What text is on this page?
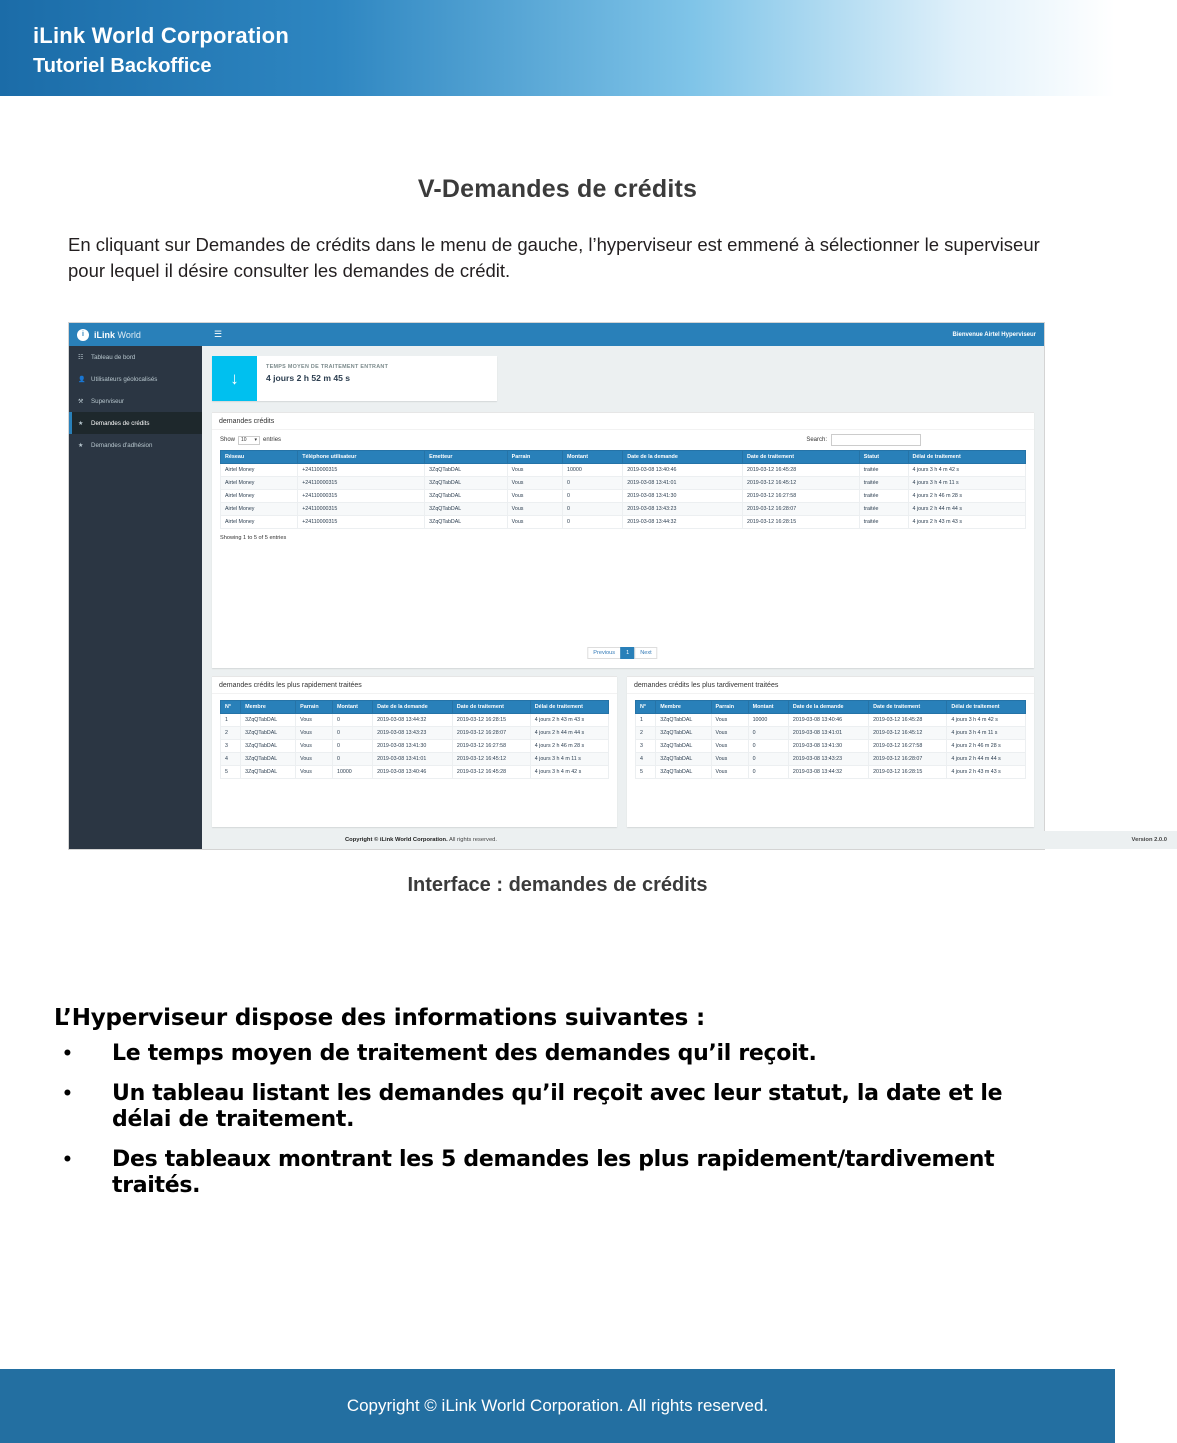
iLink World Corporation
Tutoriel Backoffice
V-Demandes de crédits
En cliquant sur Demandes de crédits dans le menu de gauche, l’hyperviseur est emmené à sélectionner le superviseur pour lequel il désire consulter les demandes de crédit.
i	iLink World	☰	Bienvenue Airtel Hyperviseur
☷	Tableau de bord
👤 Utilisateurs géolocalisés
⚒	Superviseur
★	Demandes de crédits
★	Demandes d'adhésion
↓
TEMPS MOYEN DE TRAITEMENT ENTRANT
4 jours 2 h 52 m 45 s
demandes crédits
Show 10 ▾ entries	Search:
Réseau	Téléphone utilisateur	Emetteur	Parrain	Montant	Date de la demande	Date de traitement	Statut	Délai de traitement
Airtel Money	+24110000315	3ZqQTabDAL	Vous	10000	2019-03-08 13:40:46	2019-03-12 16:45:28	traitée	4 jours 3 h 4 m 42 s
Airtel Money	+24110000315	3ZqQTabDAL	Vous	0	2019-03-08 13:41:01	2019-03-12 16:45:12	traitée	4 jours 3 h 4 m 11 s
Airtel Money	+24110000315	3ZqQTabDAL	Vous	0	2019-03-08 13:41:30	2019-03-12 16:27:58	traitée	4 jours 2 h 46 m 28 s
Airtel Money	+24110000315	3ZqQTabDAL	Vous	0	2019-03-08 13:43:23	2019-03-12 16:28:07	traitée	4 jours 2 h 44 m 44 s
Airtel Money	+24110000315	3ZqQTabDAL	Vous	0	2019-03-08 13:44:32	2019-03-12 16:28:15	traitée	4 jours 2 h 43 m 43 s
Showing 1 to 5 of 5 entries
Previous	1	Next
demandes crédits les plus rapidement traitées
N°	Membre	Parrain	Montant	Date de la demande	Date de traitement	Délai de traitement
1	3ZqQTabDAL	Vous	0	2019-03-08 13:44:32	2019-03-12 16:28:15	4 jours 2 h 43 m 43 s
2	3ZqQTabDAL	Vous	0	2019-03-08 13:43:23	2019-03-12 16:28:07	4 jours 2 h 44 m 44 s
3	3ZqQTabDAL	Vous	0	2019-03-08 13:41:30	2019-03-12 16:27:58	4 jours 2 h 46 m 28 s
4	3ZqQTabDAL	Vous	0	2019-03-08 13:41:01	2019-03-12 16:45:12	4 jours 3 h 4 m 11 s
5	3ZqQTabDAL	Vous	10000	2019-03-08 13:40:46	2019-03-12 16:45:28	4 jours 3 h 4 m 42 s
demandes crédits les plus tardivement traitées
N°	Membre	Parrain	Montant	Date de la demande	Date de traitement	Délai de traitement
1	3ZqQTabDAL	Vous	10000	2019-03-08 13:40:46	2019-03-12 16:45:28	4 jours 3 h 4 m 42 s
2	3ZqQTabDAL	Vous	0	2019-03-08 13:41:01	2019-03-12 16:45:12	4 jours 3 h 4 m 11 s
3	3ZqQTabDAL	Vous	0	2019-03-08 13:41:30	2019-03-12 16:27:58	4 jours 2 h 46 m 28 s
4	3ZqQTabDAL	Vous	0	2019-03-08 13:43:23	2019-03-12 16:28:07	4 jours 2 h 44 m 44 s
5	3ZqQTabDAL	Vous	0	2019-03-08 13:44:32	2019-03-12 16:28:15	4 jours 2 h 43 m 43 s
Copyright © iLink World Corporation. All rights reserved.	Version 2.0.0
Interface : demandes de crédits
L’Hyperviseur dispose des informations suivantes :
• Le temps moyen de traitement des demandes qu’il reçoit.
• Un tableau listant les demandes qu’il reçoit avec leur statut, la date et le délai de traitement.
• Des tableaux montrant les 5 demandes les plus rapidement/tardivement traités.
Copyright © iLink World Corporation. All rights reserved.
